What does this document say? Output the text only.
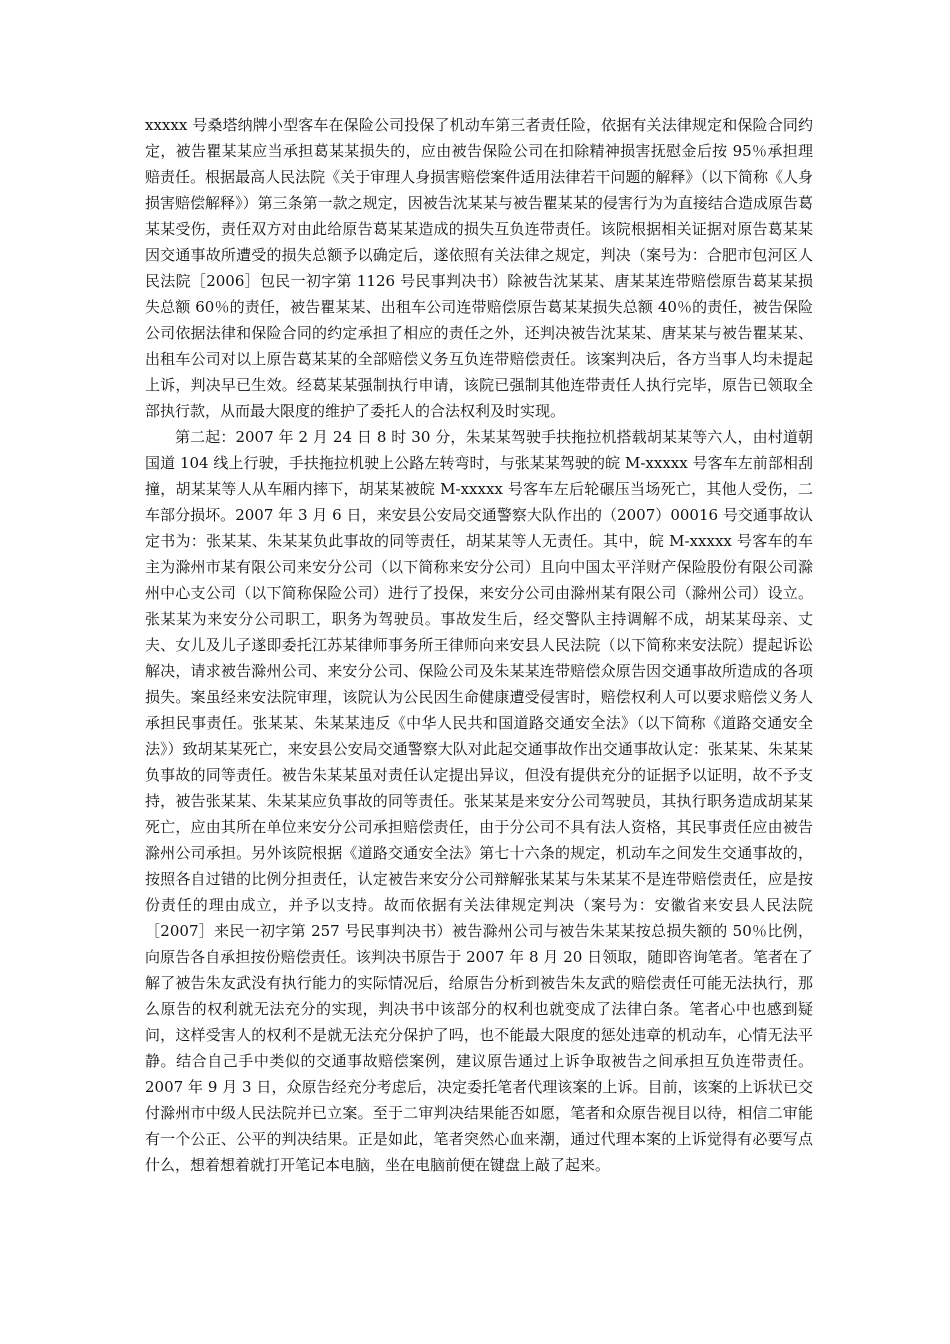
xxxxx 号桑塔纳牌小型客车在保险公司投保了机动车第三者责任险，依据有关法律规定和保险合同约定，被告瞿某某应当承担葛某某损失的，应由被告保险公司在扣除精神损害抚慰金后按 95％承担理赔责任。根据最高人民法院《关于审理人身损害赔偿案件适用法律若干问题的解释》（以下简称《人身损害赔偿解释》）第三条第一款之规定，因被告沈某某与被告瞿某某的侵害行为为直接结合造成原告葛某某受伤，责任双方对由此给原告葛某某造成的损失互负连带责任。该院根据相关证据对原告葛某某因交通事故所遭受的损失总额予以确定后，遂依照有关法律之规定，判决（案号为：合肥市包河区人民法院［2006］包民一初字第 1126 号民事判决书）除被告沈某某、唐某某连带赔偿原告葛某某损失总额 60％的责任，被告瞿某某、出租车公司连带赔偿原告葛某某损失总额 40％的责任，被告保险公司依据法律和保险合同的约定承担了相应的责任之外，还判决被告沈某某、唐某某与被告瞿某某、出租车公司对以上原告葛某某的全部赔偿义务互负连带赔偿责任。该案判决后，各方当事人均未提起上诉，判决早已生效。经葛某某强制执行申请，该院已强制其他连带责任人执行完毕，原告已领取全部执行款，从而最大限度的维护了委托人的合法权利及时实现。

第二起：2007 年 2 月 24 日 8 时 30 分，朱某某驾驶手扶拖拉机搭载胡某某等六人，由村道朝国道 104 线上行驶，手扶拖拉机驶上公路左转弯时，与张某某驾驶的皖 M-xxxxx 号客车左前部相刮撞，胡某某等人从车厢内摔下，胡某某被皖 M-xxxxx 号客车左后轮碾压当场死亡，其他人受伤，二车部分损坏。2007 年 3 月 6 日，来安县公安局交通警察大队作出的（2007）00016 号交通事故认定书为：张某某、朱某某负此事故的同等责任，胡某某等人无责任。其中，皖 M-xxxxx 号客车的车主为滁州市某有限公司来安分公司（以下简称来安分公司）且向中国太平洋财产保险股份有限公司滁州中心支公司（以下简称保险公司）进行了投保，来安分公司由滁州某有限公司（滁州公司）设立。张某某为来安分公司职工，职务为驾驶员。事故发生后，经交警队主持调解不成，胡某某母亲、丈夫、女儿及儿子遂即委托江苏某律师事务所王律师向来安县人民法院（以下简称来安法院）提起诉讼解决，请求被告滁州公司、来安分公司、保险公司及朱某某连带赔偿众原告因交通事故所造成的各项损失。案虽经来安法院审理，该院认为公民因生命健康遭受侵害时，赔偿权利人可以要求赔偿义务人承担民事责任。张某某、朱某某违反《中华人民共和国道路交通安全法》（以下简称《道路交通安全法》）致胡某某死亡，来安县公安局交通警察大队对此起交通事故作出交通事故认定：张某某、朱某某负事故的同等责任。被告朱某某虽对责任认定提出异议，但没有提供充分的证据予以证明，故不予支持，被告张某某、朱某某应负事故的同等责任。张某某是来安分公司驾驶员，其执行职务造成胡某某死亡，应由其所在单位来安分公司承担赔偿责任，由于分公司不具有法人资格，其民事责任应由被告滁州公司承担。另外该院根据《道路交通安全法》第七十六条的规定，机动车之间发生交通事故的，按照各自过错的比例分担责任，认定被告来安分公司辩解张某某与朱某某不是连带赔偿责任，应是按份责任的理由成立，并予以支持。故而依据有关法律规定判决（案号为：安徽省来安县人民法院［2007］来民一初字第 257 号民事判决书）被告滁州公司与被告朱某某按总损失额的 50％比例，向原告各自承担按份赔偿责任。该判决书原告于 2007 年 8 月 20 日领取，随即咨询笔者。笔者在了解了被告朱友武没有执行能力的实际情况后，给原告分析到被告朱友武的赔偿责任可能无法执行，那么原告的权利就无法充分的实现，判决书中该部分的权利也就变成了法律白条。笔者心中也感到疑问，这样受害人的权利不是就无法充分保护了吗，也不能最大限度的惩处违章的机动车，心情无法平静。结合自己手中类似的交通事故赔偿案例，建议原告通过上诉争取被告之间承担互负连带责任。2007 年 9 月 3 日，众原告经充分考虑后，决定委托笔者代理该案的上诉。目前，该案的上诉状已交付滁州市中级人民法院并已立案。至于二审判决结果能否如愿，笔者和众原告视目以待，相信二审能有一个公正、公平的判决结果。正是如此，笔者突然心血来潮，通过代理本案的上诉觉得有必要写点什么，想着想着就打开笔记本电脑，坐在电脑前便在键盘上敲了起来。
